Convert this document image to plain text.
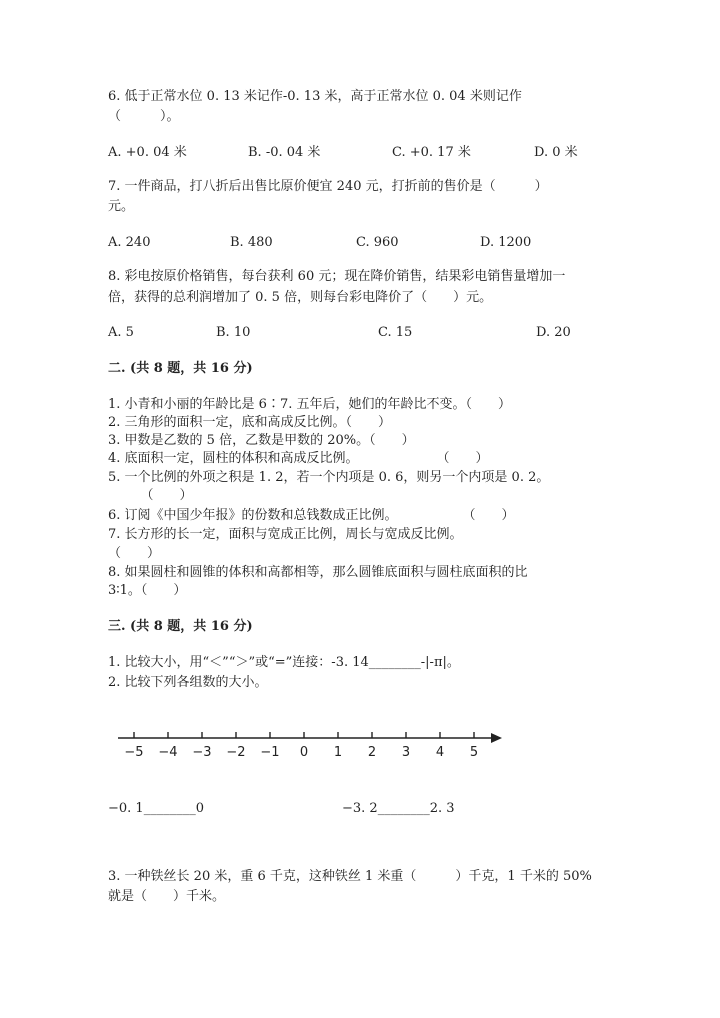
6. 低于正常水位 0. 13 米记作-0. 13 米，高于正常水位 0. 04 米则记作
（　　　）。
A. +0. 04 米	B. -0. 04 米	C. +0. 17 米	D. 0 米
7. 一件商品，打八折后出售比原价便宜 240 元，打折前的售价是（　　　）
元。
A. 240	B. 480	C. 960	D. 1200
8. 彩电按原价格销售，每台获利 60 元；现在降价销售，结果彩电销售量增加一
倍，获得的总利润增加了 0. 5 倍，则每台彩电降价了（　　）元。
A. 5	B. 10	C. 15	D. 20
二. (共 8 题，共 16 分)
1. 小青和小丽的年龄比是 6∶7. 五年后，她们的年龄比不变。（　　）
2. 三角形的面积一定，底和高成反比例。（　　）
3. 甲数是乙数的 5 倍，乙数是甲数的 20%。（　　）
4. 底面积一定，圆柱的体积和高成反比例。　　　　　　　（　　）
5. 一个比例的外项之积是 1. 2，若一个内项是 0. 6，则另一个内项是 0. 2。
　　　（　　）
6. 订阅《中国少年报》的份数和总钱数成正比例。　　　　　　（　　）
7. 长方形的长一定，面积与宽成正比例，周长与宽成反比例。
（　　）
8. 如果圆柱和圆锥的体积和高都相等，那么圆锥底面积与圆柱底面积的比
3∶1。（　　）
三. (共 8 题，共 16 分)
1. 比较大小，用“＜”“＞”或“=”连接：-3. 14________-|-π|。
2. 比较下列各组数的大小。
−5 −4 −3 −2 −1 0 1 2 3 4 5
−0. 1________0	−3. 2________2. 3
3. 一种铁丝长 20 米，重 6 千克，这种铁丝 1 米重（　　　）千克，1 千米的 50%
就是（　　）千米。
